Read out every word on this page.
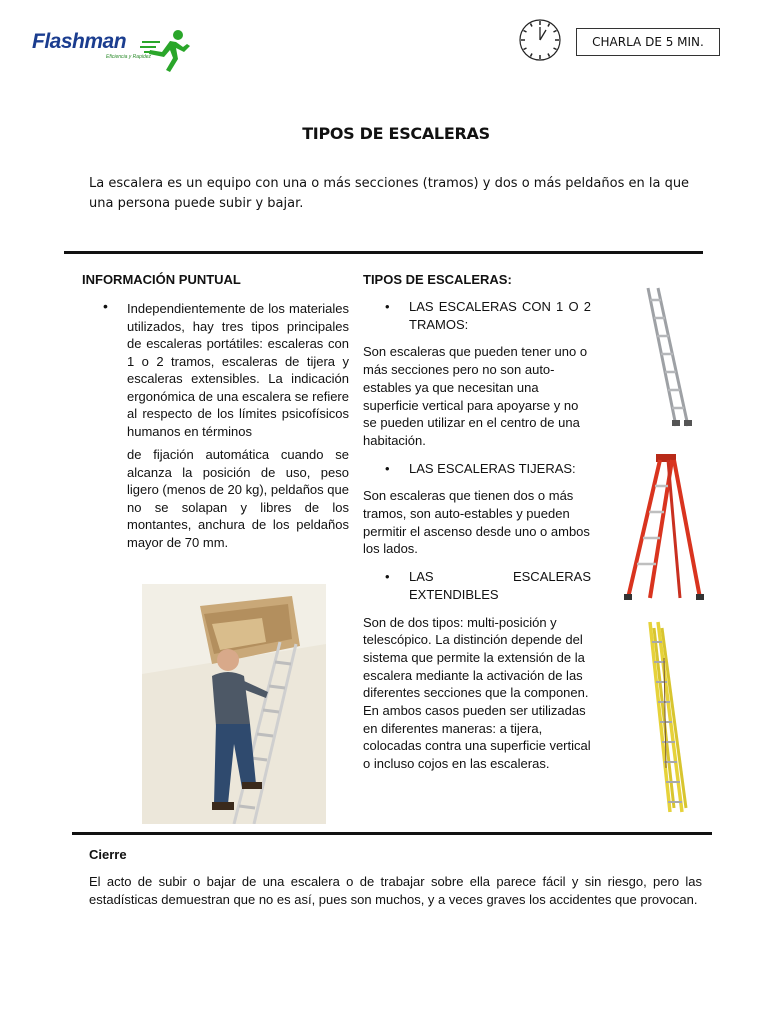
Flashman
Eficiencia y Rapidez
CHARLA DE 5 MIN.
TIPOS DE ESCALERAS
La escalera es un equipo con una o más secciones (tramos) y dos o más peldaños en la que una persona puede subir y bajar.
INFORMACIÓN PUNTUAL
• Independientemente de los materiales utilizados, hay tres tipos principales de escaleras portátiles: escaleras con 1 o 2 tramos, escaleras de tijera y escaleras extensibles. La indicación ergonómica de una escalera se refiere al respecto de los límites psicofísicos humanos en términos

de fijación automática cuando se alcanza la posición de uso, peso ligero (menos de 20 kg), peldaños que no se solapan y libres de los montantes, anchura de los peldaños mayor de 70 mm.

TIPOS DE ESCALERAS:
• LAS ESCALERAS CON 1 O 2 TRAMOS:

Son escaleras que pueden tener uno o más secciones pero no son auto-estables ya que necesitan una superficie vertical para apoyarse y no se pueden utilizar en el centro de una habitación.

• LAS ESCALERAS TIJERAS:

Son escaleras que tienen dos o más tramos, son auto-estables y pueden permitir el ascenso desde uno o ambos los lados.

• LAS ESCALERAS EXTENDIBLES

Son de dos tipos: multi-posición y telescópico. La distinción depende del sistema que permite la extensión de la escalera mediante la activación de las diferentes secciones que la componen. En ambos casos pueden ser utilizadas en diferentes maneras: a tijera, colocadas contra una superficie vertical o incluso cojos en las escaleras.

Cierre
El acto de subir o bajar de una escalera o de trabajar sobre ella parece fácil y sin riesgo, pero las estadísticas demuestran que no es así, pues son muchos, y a veces graves los accidentes que provocan.
